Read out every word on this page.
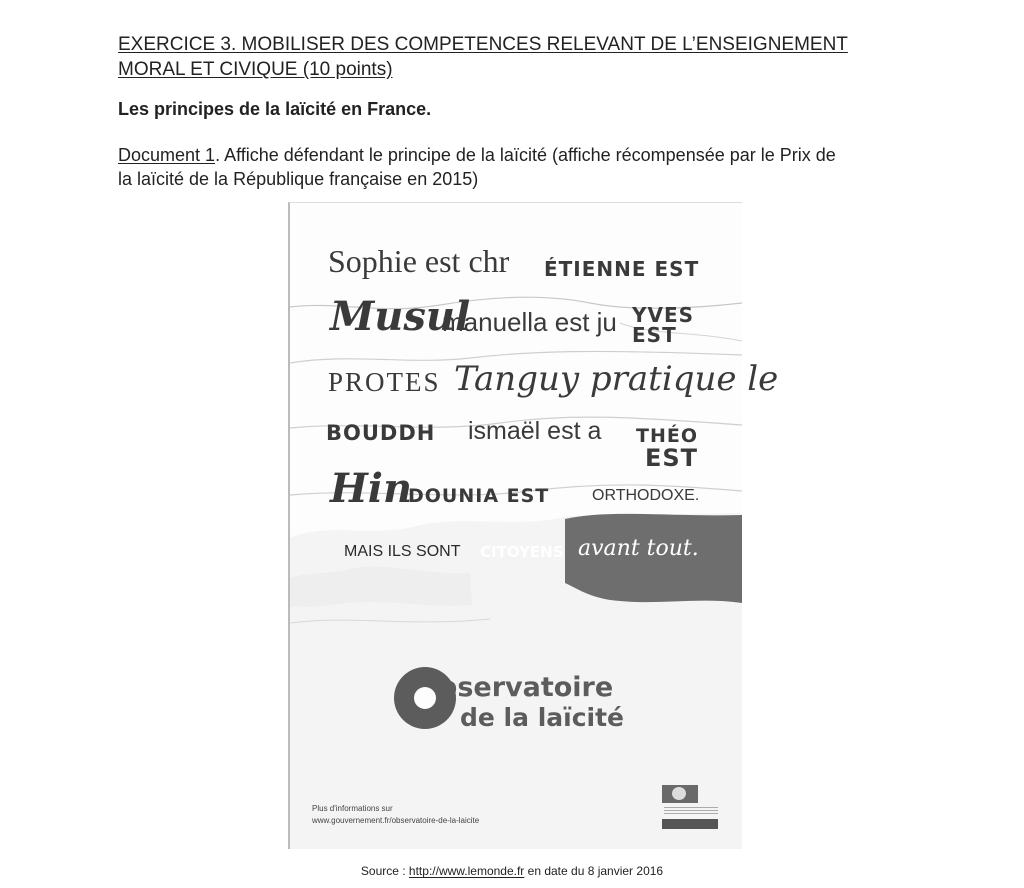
EXERCICE 3. MOBILISER DES COMPETENCES RELEVANT DE L’ENSEIGNEMENT
MORAL ET CIVIQUE (10 points)
Les principes de la laïcité en France.
Document 1. Affiche défendant le principe de la laïcité (affiche récompensée par le Prix de
la laïcité de la République française en 2015)
Sophie est chr ÉTIENNE EST
Musul
manuella est ju YVES
EST
PROTES Tanguy pratique le
BOUDDH ismaël est a THÉO
EST
Hin
DOUNIA EST	ORTHODOXE.
MAIS ILS SONT CITOYENS avant tout.
bservatoire
de la laïcité
Plus d'informations sur
www.gouvernement.fr/observatoire-de-la-laicite
Source : http://www.lemonde.fr en date du 8 janvier 2016
